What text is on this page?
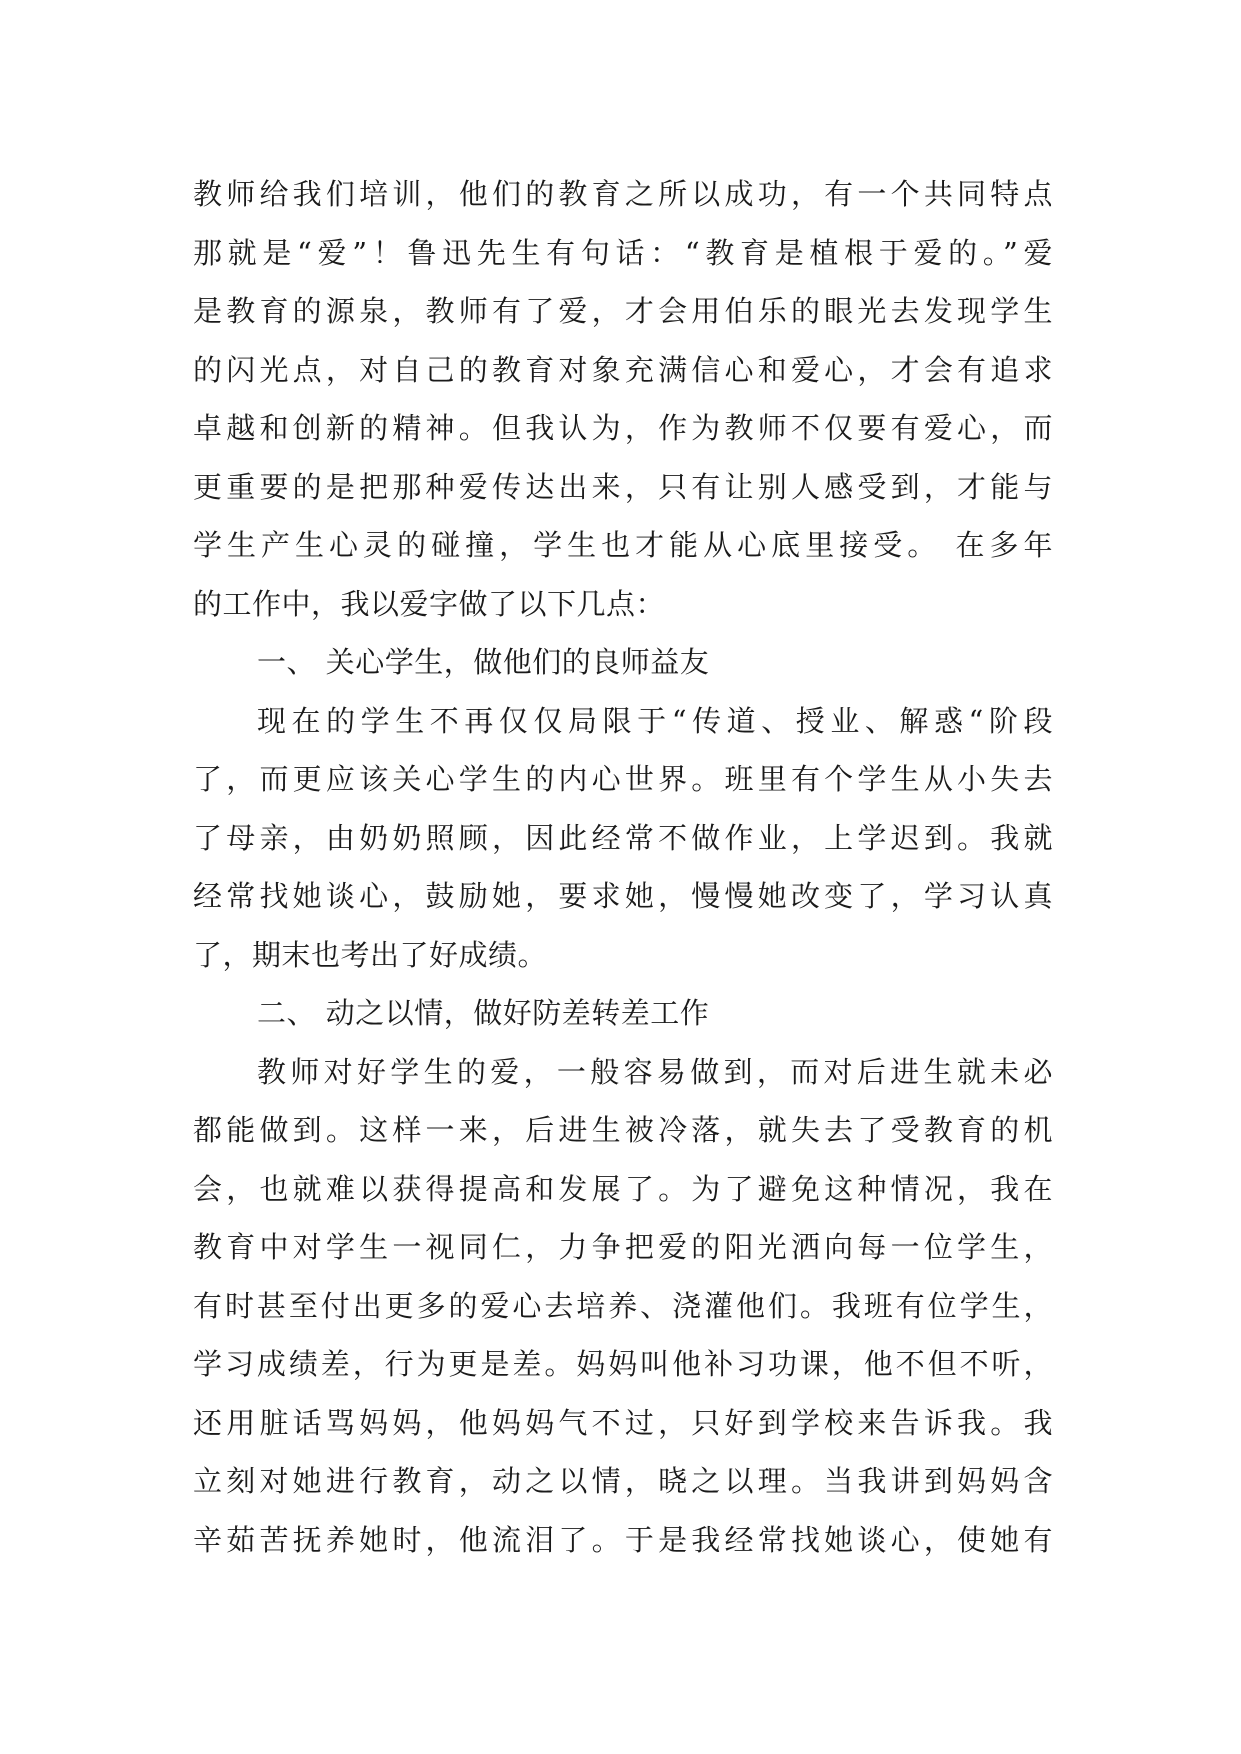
教师给我们培训，他们的教育之所以成功，有一个共同特点
那就是“爱”！鲁迅先生有句话：“教育是植根于爱的。”爱
是教育的源泉，教师有了爱，才会用伯乐的眼光去发现学生
的闪光点，对自己的教育对象充满信心和爱心，才会有追求
卓越和创新的精神。但我认为，作为教师不仅要有爱心，而
更重要的是把那种爱传达出来，只有让别人感受到，才能与
学生产生心灵的碰撞，学生也才能从心底里接受。 在多年
的工作中，我以爱字做了以下几点：
一、 关心学生，做他们的良师益友
现在的学生不再仅仅局限于“传道、授业、解惑“阶段
了，而更应该关心学生的内心世界。班里有个学生从小失去
了母亲，由奶奶照顾，因此经常不做作业，上学迟到。我就
经常找她谈心，鼓励她，要求她，慢慢她改变了，学习认真
了，期末也考出了好成绩。
二、 动之以情，做好防差转差工作
教师对好学生的爱，一般容易做到，而对后进生就未必
都能做到。这样一来，后进生被冷落，就失去了受教育的机
会，也就难以获得提高和发展了。为了避免这种情况，我在
教育中对学生一视同仁，力争把爱的阳光洒向每一位学生，
有时甚至付出更多的爱心去培养、浇灌他们。我班有位学生，
学习成绩差，行为更是差。妈妈叫他补习功课，他不但不听，
还用脏话骂妈妈，他妈妈气不过，只好到学校来告诉我。我
立刻对她进行教育，动之以情，晓之以理。当我讲到妈妈含
辛茹苦抚养她时，他流泪了。于是我经常找她谈心，使她有
